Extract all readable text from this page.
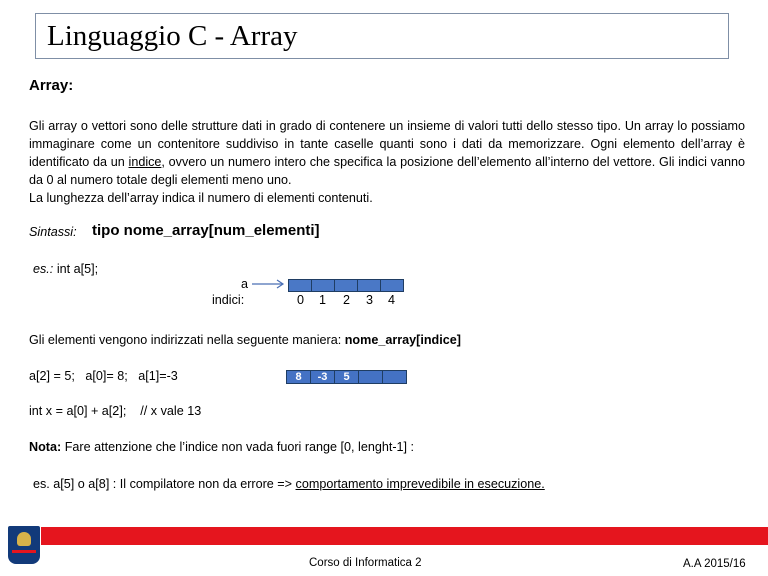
Linguaggio C - Array
Array:

Gli array o vettori sono delle strutture dati in grado di contenere un insieme di valori tutti dello stesso tipo. Un array lo possiamo immaginare come un contenitore suddiviso in tante caselle quanti sono i dati da memorizzare. Ogni elemento dell’array è identificato da un indice, ovvero un numero intero che specifica la posizione dell’elemento all’interno del vettore. Gli indici vanno da 0 al numero totale degli elementi meno uno.

La lunghezza dell’array indica il numero di elementi contenuti.

Sintassi: tipo nome_array[num_elementi]
es.: int a[5];
a
indici:	0 1 2 3 4
Gli elementi vengono indirizzati nella seguente maniera: nome_array[indice]
a[2] = 5;   a[0]= 8;   a[1]=-3	8	-3	5
int x = a[0] + a[2];    // x vale 13
Nota: Fare attenzione che l’indice non vada fuori range [0, lenght-1] :
es. a[5] o a[8] : Il compilatore non da errore => comportamento imprevedibile in esecuzione.
Corso di Informatica 2	A.A 2015/16
